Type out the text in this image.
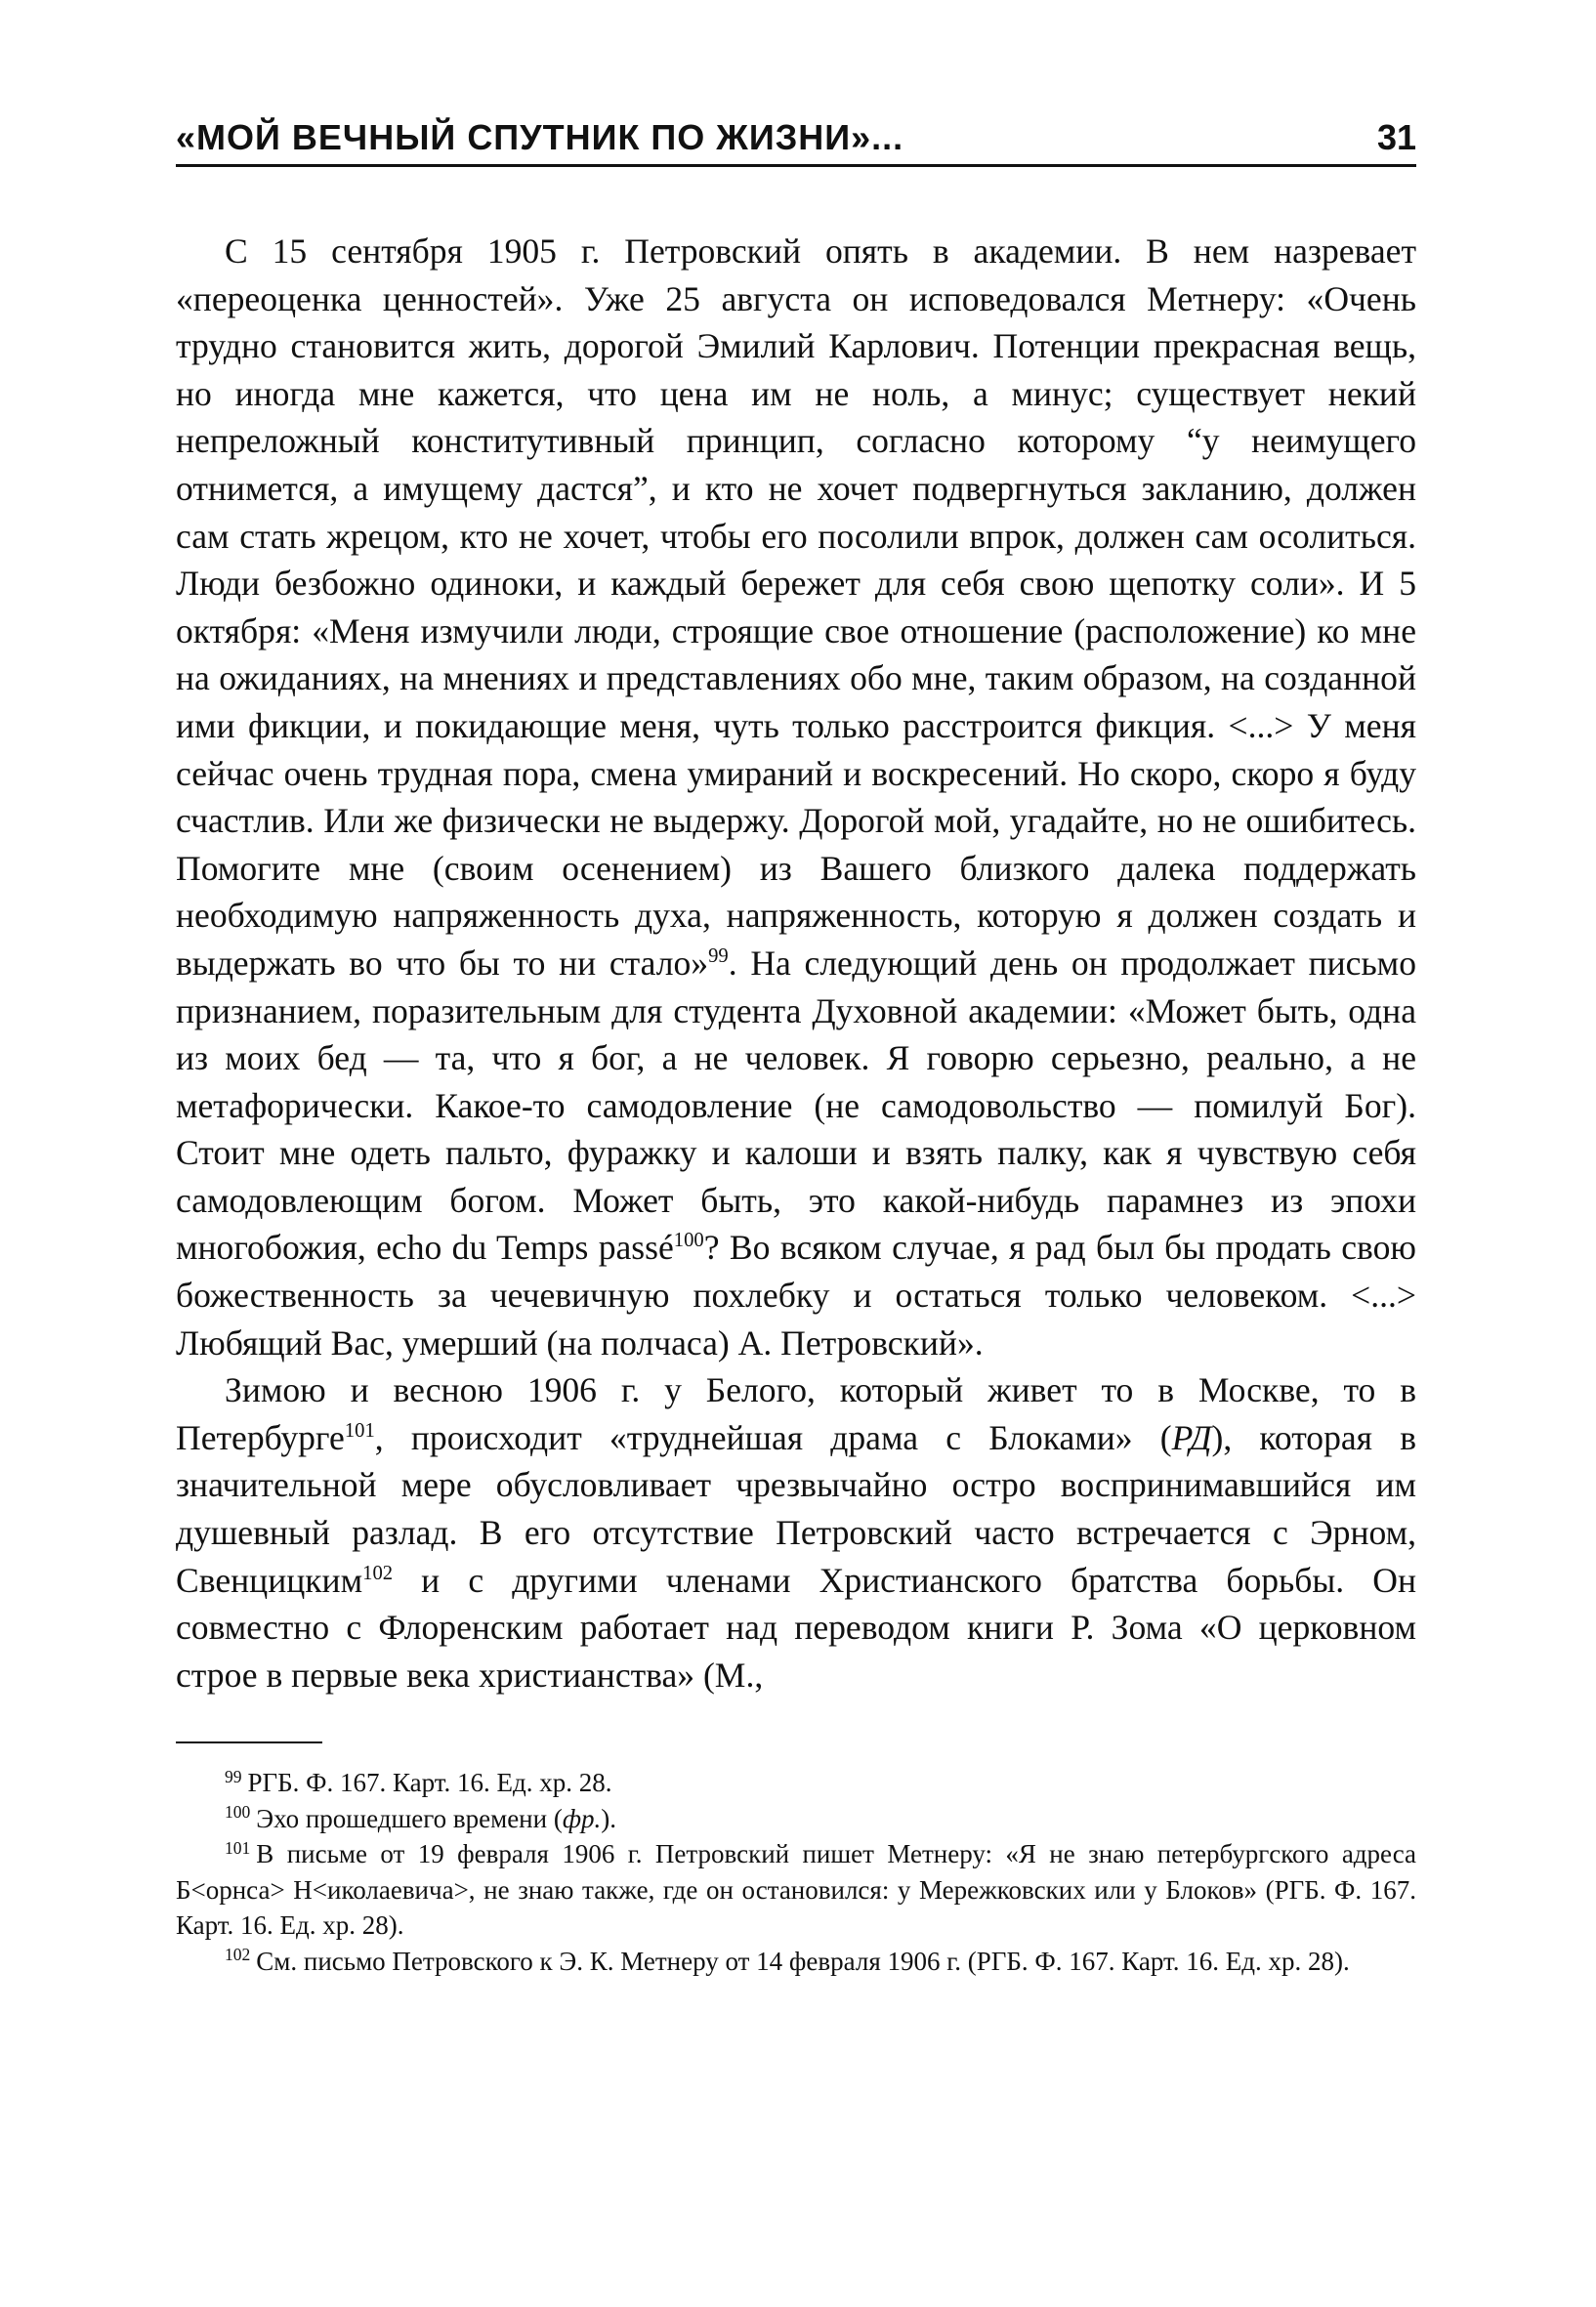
«МОЙ ВЕЧНЫЙ СПУТНИК ПО ЖИЗНИ»...	31

С 15 сентября 1905 г. Петровский опять в академии. В нем назревает «переоценка ценностей». Уже 25 августа он исповедовался Метнеру: «Очень трудно становится жить, дорогой Эмилий Карлович. Потенции прекрасная вещь, но иногда мне кажется, что цена им не ноль, а минус; существует некий непреложный конститутивный принцип, согласно которому “у неимущего отнимется, а имущему дастся”, и кто не хочет подвергнуться закланию, должен сам стать жрецом, кто не хочет, чтобы его посолили впрок, должен сам осолиться. Люди безбожно одиноки, и каждый бережет для себя свою щепотку соли». И 5 октября: «Меня измучили люди, строящие свое отношение (расположение) ко мне на ожиданиях, на мнениях и представлениях обо мне, таким образом, на созданной ими фикции, и покидающие меня, чуть только расстроится фикция. <...> У меня сейчас очень трудная пора, смена умираний и воскресений. Но скоро, скоро я буду счастлив. Или же физически не выдержу. Дорогой мой, угадайте, но не ошибитесь. Помогите мне (своим осенением) из Вашего близкого далека поддержать необходимую напряженность духа, напряженность, которую я должен создать и выдержать во что бы то ни стало»$^{99}$. На следующий день он продолжает письмо признанием, поразительным для студента Духовной академии: «Может быть, одна из моих бед — та, что я бог, а не человек. Я говорю серьезно, реально, а не метафорически. Какое-то самодовление (не самодовольство — помилуй Бог). Стоит мне одеть пальто, фуражку и калоши и взять палку, как я чувствую себя самодовлеющим богом. Может быть, это какой-нибудь парамнез из эпохи многобожия, echo du Temps passé$^{100}$? Во всяком случае, я рад был бы продать свою божественность за чечевичную похлебку и остаться только человеком. <...> Любящий Вас, умерший (на полчаса) А. Петровский».

Зимою и весною 1906 г. у Белого, который живет то в Москве, то в Петербурге$^{101}$, происходит «труднейшая драма с Блоками» (РД), которая в значительной мере обусловливает чрезвычайно остро воспринимавшийся им душевный разлад. В его отсутствие Петровский часто встречается с Эрном, Свенцицким$^{102}$ и с другими членами Христианского братства борьбы. Он совместно с Флоренским работает над переводом книги Р. Зома «О церковном строе в первые века христианства» (М.,

$^{99}$ РГБ. Ф. 167. Карт. 16. Ед. хр. 28.

$^{100}$ Эхо прошедшего времени (фр.).

$^{101}$ В письме от 19 февраля 1906 г. Петровский пишет Метнеру: «Я не знаю петербургского адреса Б<орнса> Н<иколаевича>, не знаю также, где он остановился: у Мережковских или у Блоков» (РГБ. Ф. 167. Карт. 16. Ед. хр. 28).

$^{102}$ См. письмо Петровского к Э. К. Метнеру от 14 февраля 1906 г. (РГБ. Ф. 167. Карт. 16. Ед. хр. 28).
